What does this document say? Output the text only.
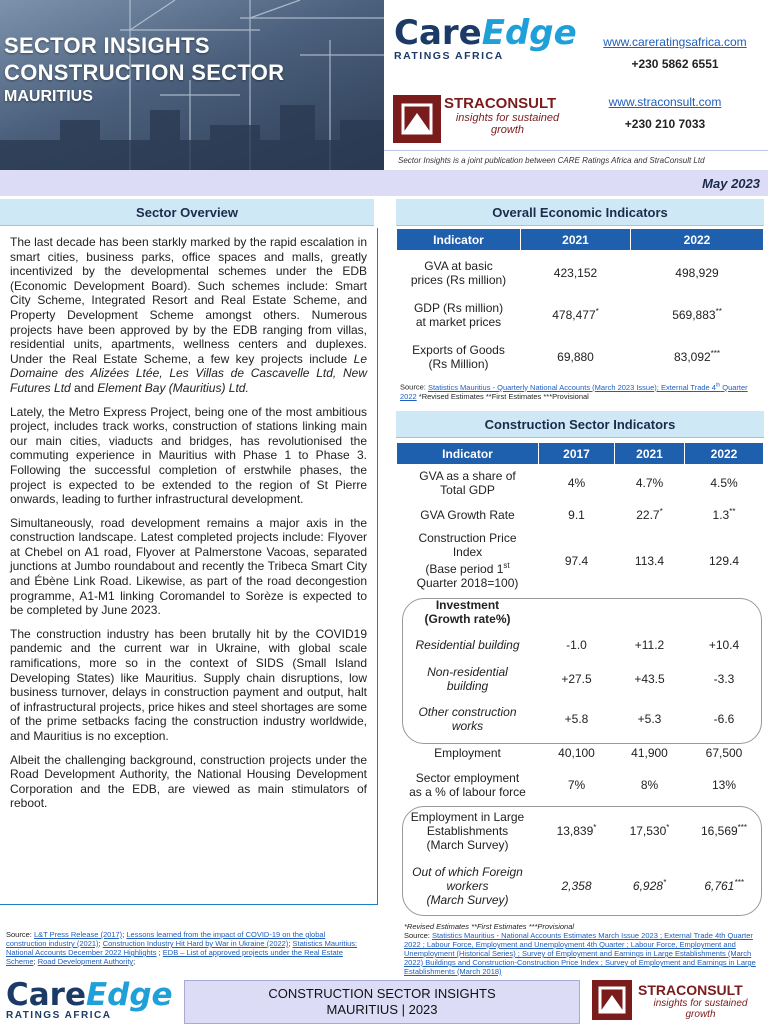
SECTOR INSIGHTS
CONSTRUCTION SECTOR
MAURITIUS
CareEdge
RATINGS AFRICA
www.careratingsafrica.com
+230 5862 6551
STRACONSULT
insights for sustained growth
www.straconsult.com
+230 210 7033
Sector Insights is a joint publication between CARE Ratings Africa and StraConsult Ltd
May 2023
Sector Overview

The last decade has been starkly marked by the rapid escalation in smart cities, business parks, office spaces and malls, greatly incentivized by the developmental schemes under the EDB (Economic Development Board). Such schemes include: Smart City Scheme, Integrated Resort and Real Estate Scheme, and Property Development Scheme amongst others. Numerous projects have been approved by by the EDB ranging from villas, residential units, apartments, wellness centers and duplexes. Under the Real Estate Scheme, a few key projects include Le Domaine des Alizées Ltée, Les Villas de Cascavelle Ltd, New Futures Ltd and Element Bay (Mauritius) Ltd.

Lately, the Metro Express Project, being one of the most ambitious project, includes track works, construction of stations linking main our main cities, viaducts and bridges, has revolutionised the commuting experience in Mauritius with Phase 1 to Phase 3. Following the successful completion of erstwhile phases, the project is expected to be extended to the region of St Pierre onwards, leading to further infrastructural development.

Simultaneously, road development remains a major axis in the construction landscape. Latest completed projects include: Flyover at Chebel on A1 road, Flyover at Palmerstone Vacoas, separated junctions at Jumbo roundabout and recently the Tribeca Smart City and Ébène Link Road. Likewise, as part of the road decongestion programme, A1-M1 linking Coromandel to Sorèze is expected to be completed by June 2023.

The construction industry has been brutally hit by the COVID19 pandemic and the current war in Ukraine, with global scale ramifications, more so in the context of SIDS (Small Island Developing States) like Mauritius. Supply chain disruptions, low business turnover, delays in construction payment and output, halt of infrastructural projects, price hikes and steel shortages are some of the prime setbacks facing the construction industry worldwide, and Mauritius is no exception.

Albeit the challenging background, construction projects under the Road Development Authority, the National Housing Development Corporation and the EDB, are viewed as main stimulators of reboot.

Source: L&T Press Release (2017); Lessons learned from the impact of COVID-19 on the global construction industry (2021); Construction Industry Hit Hard by War in Ukraine (2022); Statistics Mauritius: National Accounts December 2022 Highlights ; EDB – List of approved projects under the Real Estate Scheme; Road Development Authority;
Overall Economic Indicators
Indicator	2021	2022
GVA at basic
prices (Rs million)	423,152	498,929
GDP (Rs million)
at market prices	478,477*	569,883**
Exports of Goods
(Rs Million)	69,880	83,092***
Source: Statistics Mauritius - Quarterly National Accounts (March 2023 Issue); External Trade 4th Quarter 2022 *Revised Estimates **First Estimates ***Provisional
Construction Sector Indicators
Indicator	2017	2021	2022
GVA as a share of
Total GDP	4%	4.7%	4.5%
GVA Growth Rate	9.1	22.7*	1.3**
Construction Price
Index
(Base period 1st
Quarter 2018=100)	97.4	113.4	129.4
Investment
(Growth rate%)			
Residential building	-1.0	+11.2	+10.4
Non-residential
building	+27.5	+43.5	-3.3
Other construction
works	+5.8	+5.3	-6.6
Employment	40,100	41,900	67,500
Sector employment
as a % of labour force	7%	8%	13%
Employment in Large
Establishments
(March Survey)	13,839*	17,530*	16,569***
Out of which Foreign
workers
(March Survey)	2,358	6,928*	6,761***
*Revised Estimates **First Estimates ***Provisional
Source: Statistics Mauritius - National Accounts Estimates March Issue 2023 ; External Trade 4th Quarter 2022 ; Labour Force, Employment and Unemployment 4th Quarter ; Labour Force, Employment and Unemployment (Historical Series) ; Survey of Employment and Earnings in Large Establishments (March 2022) Buildings and Construction-Construction Price Index ; Survey of Employment and Earnings in Large Establishments (March 2018)
CareEdge
RATINGS AFRICA
CONSTRUCTION SECTOR INSIGHTS
MAURITIUS | 2023
STRACONSULT
insights for sustained growth
